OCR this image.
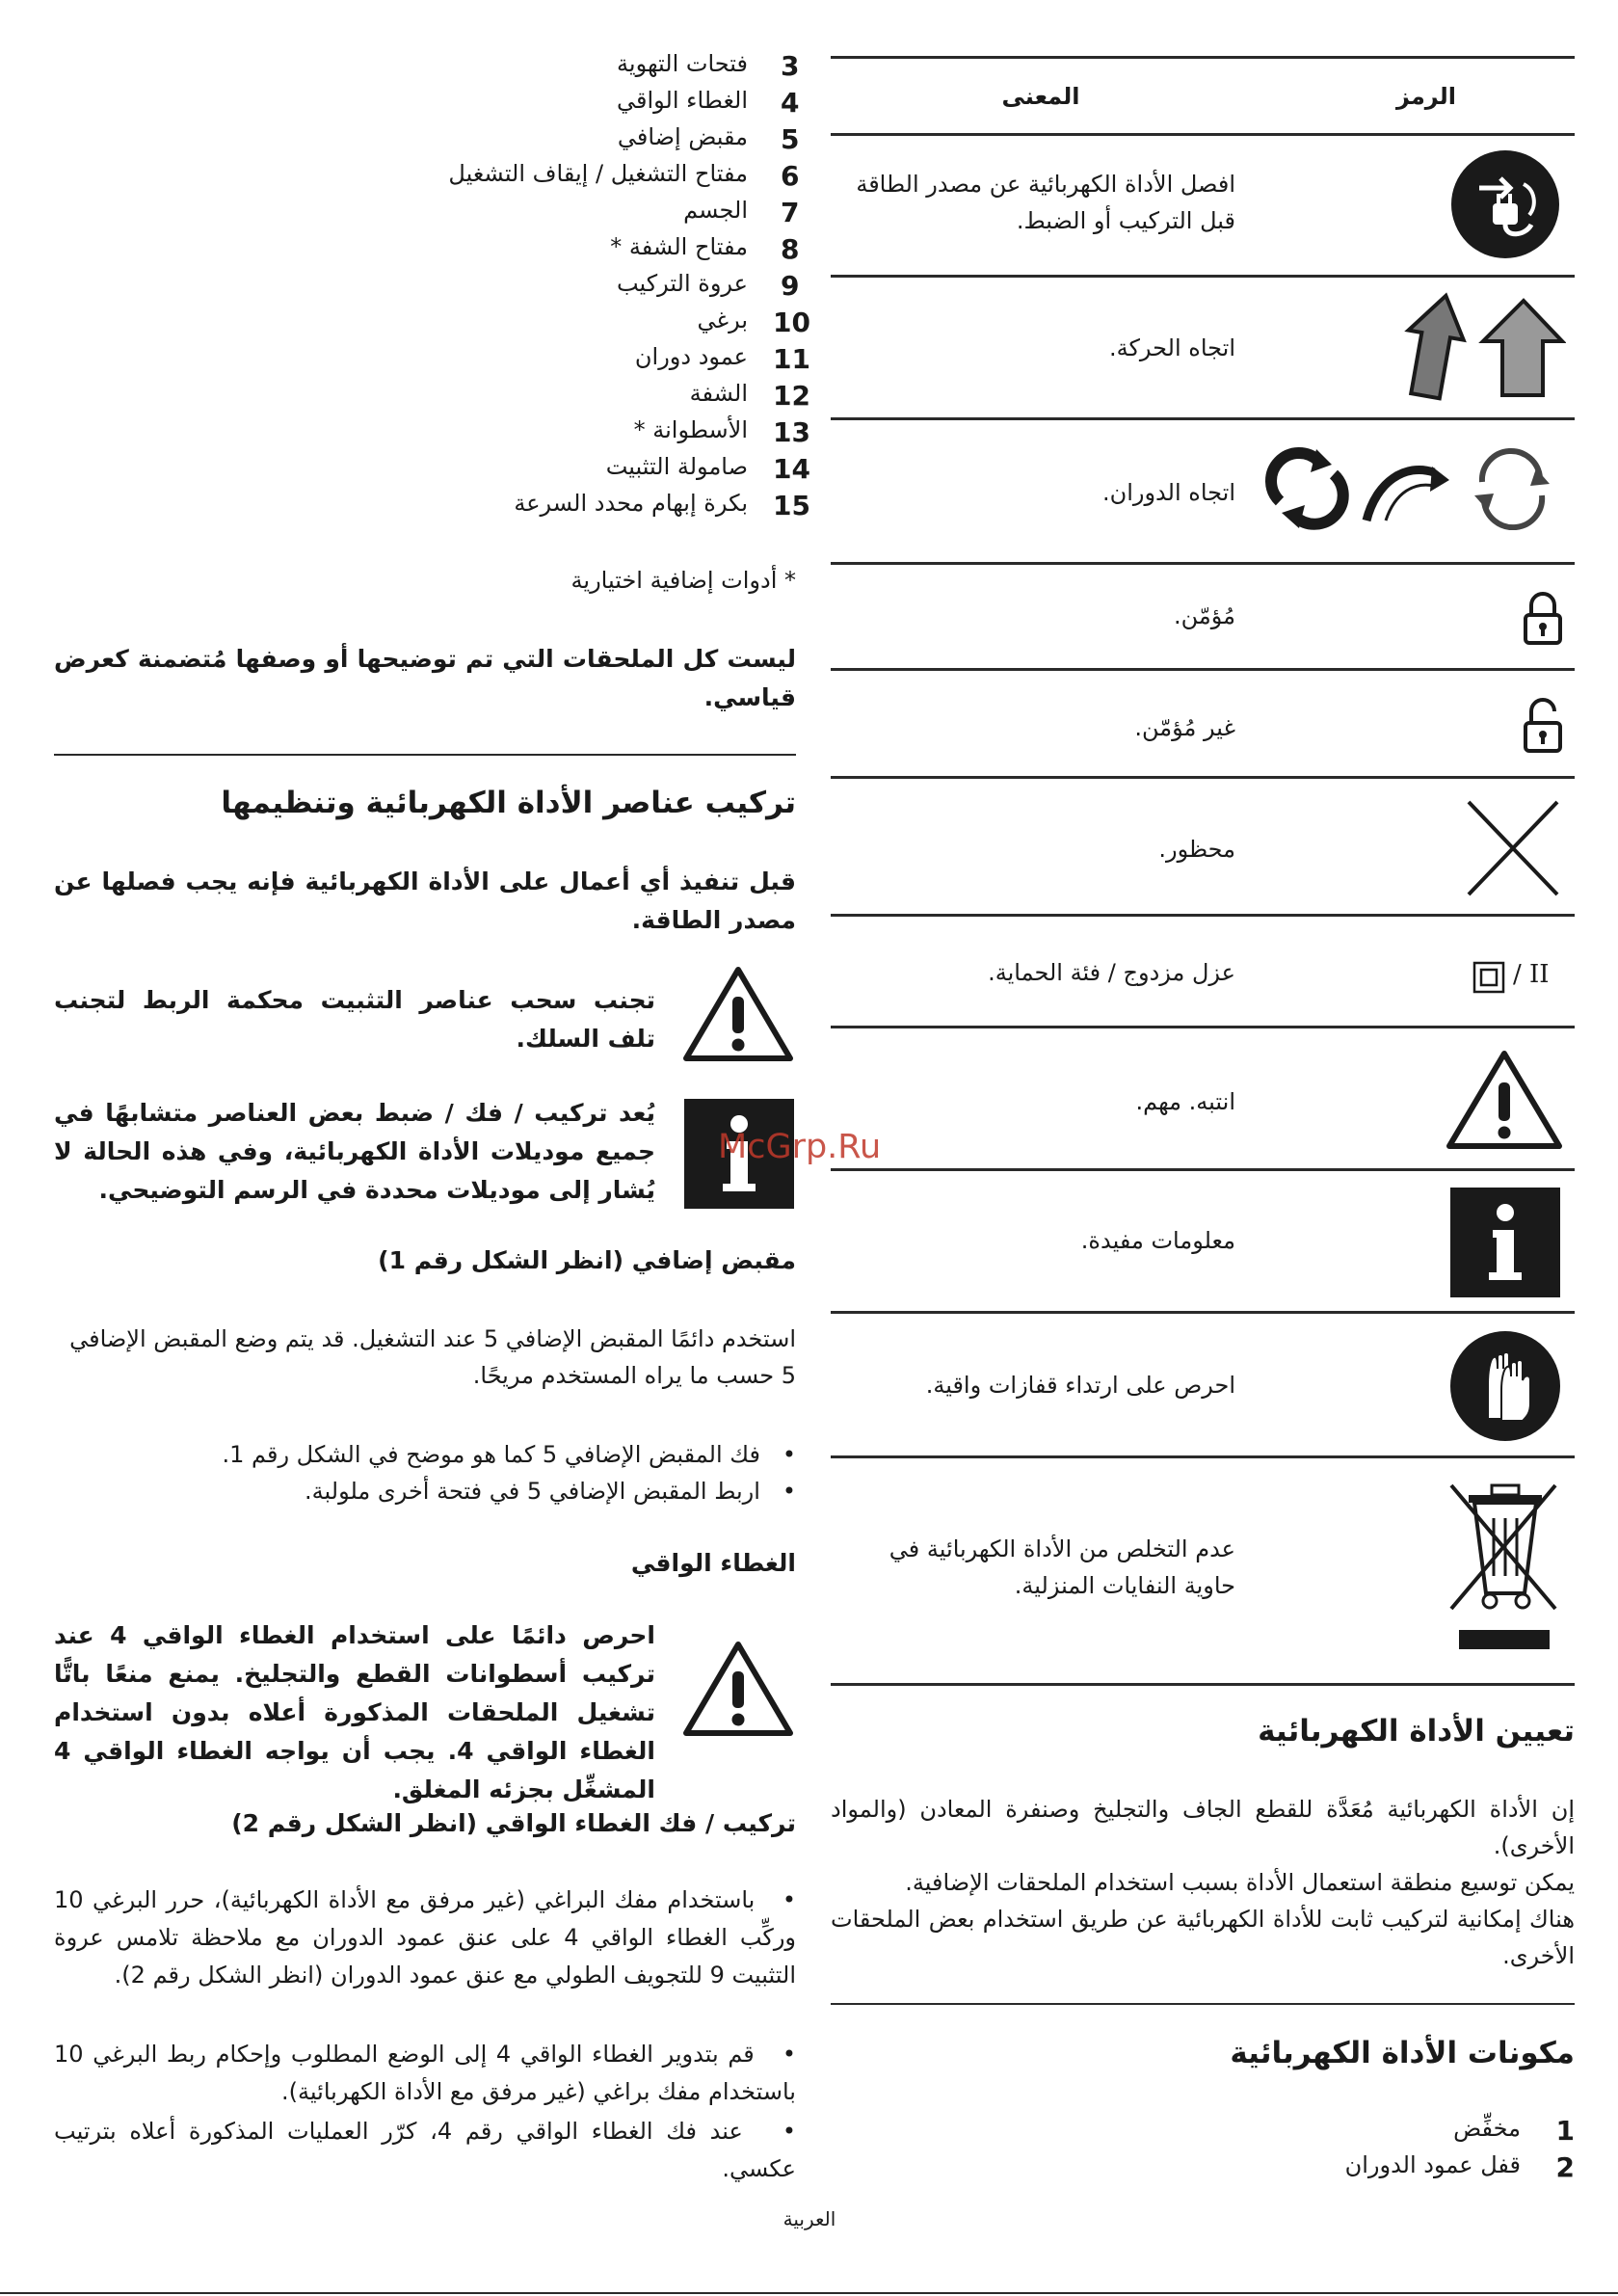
3
فتحات التهوية
4
الغطاء الواقي
5
مقبض إضافي
6
مفتاح التشغيل / إيقاف التشغيل
7
الجسم
8
مفتاح الشفة *
9
عروة التركيب
10
برغي
11
عمود دوران
12
الشفة
13
الأسطوانة *
14
صامولة التثبيت
15
بكرة إبهام محدد السرعة
* أدوات إضافية اختيارية
ليست كل الملحقات التي تم توضيحها أو وصفها مُتضمنة كعرض قياسي.
تركيب عناصر الأداة الكهربائية وتنظيمها
قبل تنفيذ أي أعمال على الأداة الكهربائية فإنه يجب فصلها عن مصدر الطاقة.
تجنب سحب عناصر التثبيت محكمة الربط لتجنب تلف السلك.
McGrp.Ru
يُعد تركيب / فك / ضبط بعض العناصر متشابهًا في جميع موديلات الأداة الكهربائية، وفي هذه الحالة لا يُشار إلى موديلات محددة في الرسم التوضيحي.
مقبض إضافي (انظر الشكل رقم 1)
استخدم دائمًا المقبض الإضافي 5 عند التشغيل. قد يتم وضع المقبض الإضافي
5 حسب ما يراه المستخدم مريحًا.
•   فك المقبض الإضافي 5 كما هو موضح في الشكل رقم 1.
•   اربط المقبض الإضافي 5 في فتحة أخرى ملولبة.
الغطاء الواقي
احرص دائمًا على استخدام الغطاء الواقي 4 عند تركيب أسطوانات القطع والتجليخ. يمنع منعًا باتًّا تشغيل الملحقات المذكورة أعلاه بدون استخدام الغطاء الواقي 4. يجب أن يواجه الغطاء الواقي 4 المشغِّل بجزئه المغلق.
تركيب / فك الغطاء الواقي (انظر الشكل رقم 2)
•   باستخدام مفك البراغي (غير مرفق مع الأداة الكهربائية)، حرر البرغي 10 وركِّب الغطاء الواقي 4 على عنق عمود الدوران مع ملاحظة تلامس عروة التثبيت 9 للتجويف الطولي مع عنق عمود الدوران (انظر الشكل رقم 2).
•   قم بتدوير الغطاء الواقي 4 إلى الوضع المطلوب وإحكام ربط البرغي 10 باستخدام مفك براغي (غير مرفق مع الأداة الكهربائية).
•   عند فك الغطاء الواقي رقم 4، كرّر العمليات المذكورة أعلاه بترتيب عكسي.
العربية
الرمز
المعنى
افصل الأداة الكهربائية عن مصدر الطاقة قبل التركيب أو الضبط.
اتجاه الحركة.
اتجاه الدوران.
مُؤمّن.
غير مُؤمّن.
محظور.
II /
عزل مزدوج / فئة الحماية.
انتبه. مهم.
معلومات مفيدة.
احرص على ارتداء قفازات واقية.
عدم التخلص من الأداة الكهربائية في حاوية النفايات المنزلية.
تعيين الأداة الكهربائية
إن الأداة الكهربائية مُعَدَّة للقطع الجاف والتجليخ وصنفرة المعادن (والمواد الأخرى).
يمكن توسيع منطقة استعمال الأداة بسبب استخدام الملحقات الإضافية.
هناك إمكانية لتركيب ثابت للأداة الكهربائية عن طريق استخدام بعض الملحقات الأخرى.
مكونات الأداة الكهربائية
1
مخفِّض
2
قفل عمود الدوران
